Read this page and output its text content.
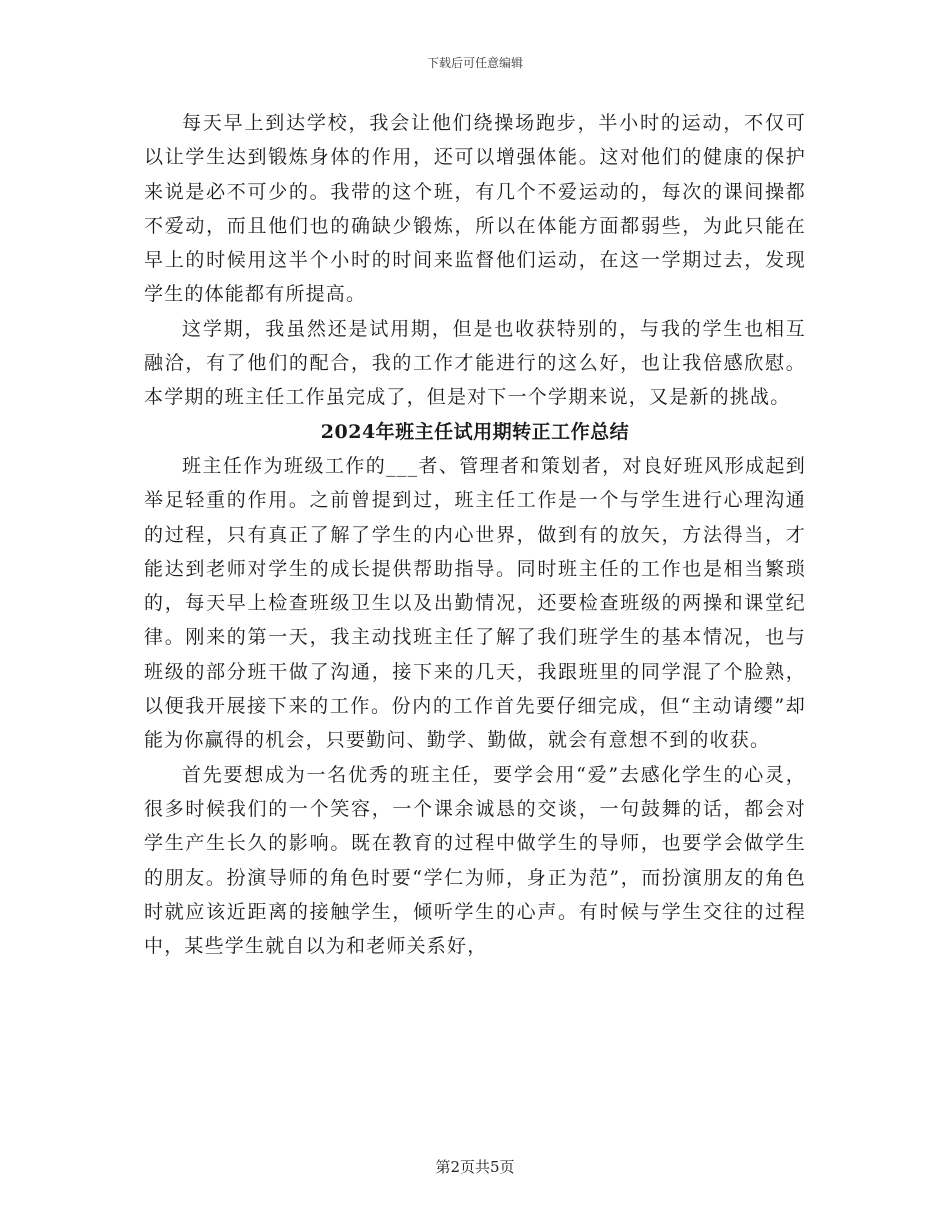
下载后可任意编辑

每天早上到达学校，我会让他们绕操场跑步，半小时的运动，不仅可以让学生达到锻炼身体的作用，还可以增强体能。这对他们的健康的保护来说是必不可少的。我带的这个班，有几个不爱运动的，每次的课间操都不爱动，而且他们也的确缺少锻炼，所以在体能方面都弱些，为此只能在早上的时候用这半个小时的时间来监督他们运动，在这一学期过去，发现学生的体能都有所提高。

这学期，我虽然还是试用期，但是也收获特别的，与我的学生也相互融洽，有了他们的配合，我的工作才能进行的这么好，也让我倍感欣慰。本学期的班主任工作虽完成了，但是对下一个学期来说，又是新的挑战。

2024年班主任试用期转正工作总结

班主任作为班级工作的___者、管理者和策划者，对良好班风形成起到举足轻重的作用。之前曾提到过，班主任工作是一个与学生进行心理沟通的过程，只有真正了解了学生的内心世界，做到有的放矢，方法得当，才能达到老师对学生的成长提供帮助指导。同时班主任的工作也是相当繁琐的，每天早上检查班级卫生以及出勤情况，还要检查班级的两操和课堂纪律。刚来的第一天，我主动找班主任了解了我们班学生的基本情况，也与班级的部分班干做了沟通，接下来的几天，我跟班里的同学混了个脸熟，以便我开展接下来的工作。份内的工作首先要仔细完成，但“主动请缨”却能为你赢得的机会，只要勤问、勤学、勤做，就会有意想不到的收获。

首先要想成为一名优秀的班主任，要学会用“爱”去感化学生的心灵，很多时候我们的一个笑容，一个课余诚恳的交谈，一句鼓舞的话，都会对学生产生长久的影响。既在教育的过程中做学生的导师，也要学会做学生的朋友。扮演导师的角色时要“学仁为师，身正为范”，而扮演朋友的角色时就应该近距离的接触学生，倾听学生的心声。有时候与学生交往的过程中，某些学生就自以为和老师关系好，

第2页共5页
